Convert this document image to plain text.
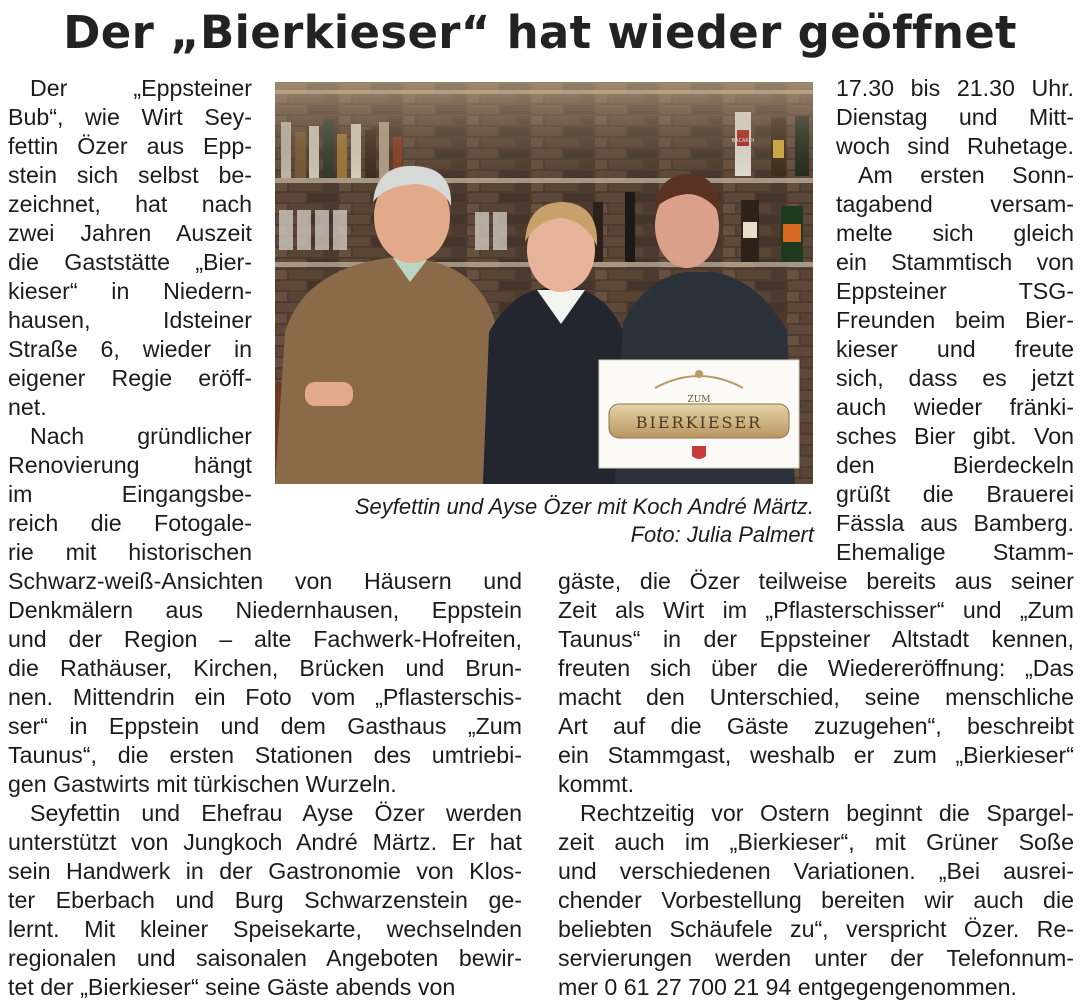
Der „Bierkieser“ hat wieder geöffnet
Der „Eppsteiner
Bub“, wie Wirt Sey-
fettin Özer aus Epp-
stein sich selbst be-
zeichnet, hat nach
zwei Jahren Auszeit
die Gaststätte „Bier-
kieser“ in Niedern-
hausen, Idsteiner
Straße 6, wieder in
eigener Regie eröff-
net.
Nach gründlicher
Renovierung hängt
im Eingangsbe-
reich die Fotogale-
rie mit historischen
Schwarz-weiß-Ansichten von Häusern und
Denkmälern aus Niedernhausen, Eppstein
und der Region – alte Fachwerk-Hofreiten,
die Rathäuser, Kirchen, Brücken und Brun-
nen. Mittendrin ein Foto vom „Pflasterschis-
ser“ in Eppstein und dem Gasthaus „Zum
Taunus“, die ersten Stationen des umtriebi-
gen Gastwirts mit türkischen Wurzeln.
Seyfettin und Ehefrau Ayse Özer werden
unterstützt von Jungkoch André Märtz. Er hat
sein Handwerk in der Gastronomie von Klos-
ter Eberbach und Burg Schwarzenstein ge-
lernt. Mit kleiner Speisekarte, wechselnden
regionalen und saisonalen Angeboten bewir-
tet der „Bierkieser“ seine Gäste abends von
17.30 bis 21.30 Uhr.
Dienstag und Mitt-
woch sind Ruhetage.
Am ersten Sonn-
tagabend versam-
melte sich gleich
ein Stammtisch von
Eppsteiner TSG-
Freunden beim Bier-
kieser und freute
sich, dass es jetzt
auch wieder fränki-
sches Bier gibt. Von
den Bierdeckeln
grüßt die Brauerei
Fässla aus Bamberg.
Ehemalige Stamm-
gäste, die Özer teilweise bereits aus seiner
Zeit als Wirt im „Pflasterschisser“ und „Zum
Taunus“ in der Eppsteiner Altstadt kennen,
freuten sich über die Wiedereröffnung: „Das
macht den Unterschied, seine menschliche
Art auf die Gäste zuzugehen“, beschreibt
ein Stammgast, weshalb er zum „Bierkieser“
kommt.
Rechtzeitig vor Ostern beginnt die Spargel-
zeit auch im „Bierkieser“, mit Grüner Soße
und verschiedenen Variationen. „Bei ausrei-
chender Vorbestellung bereiten wir auch die
beliebten Schäufele zu“, verspricht Özer. Re-
servierungen werden unter der Telefonnum-
mer 0 61 27 700 21 94 entgegengenommen.
ZUM
BIERKIESER
Seyfettin und Ayse Özer mit Koch André Märtz.
Foto: Julia Palmert
